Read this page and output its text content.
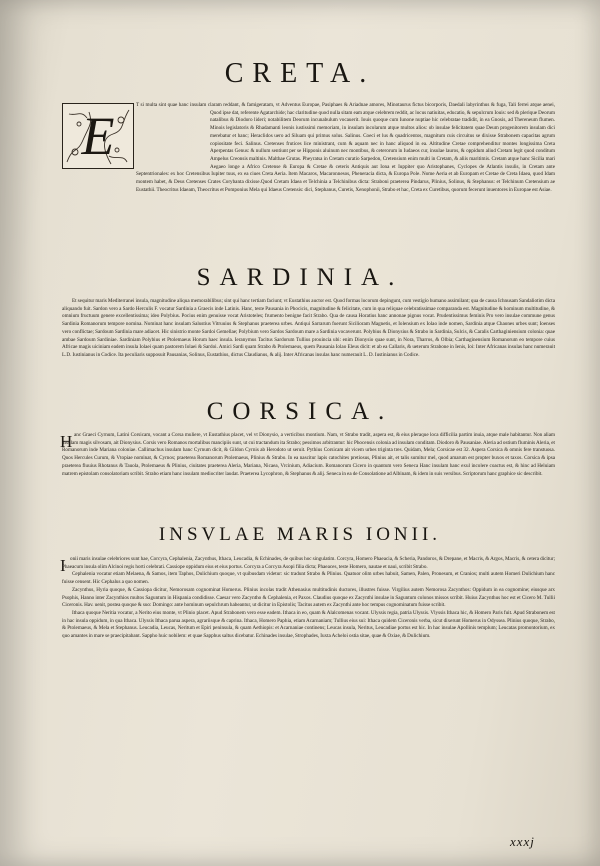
CRETA.
E

T si multa sint quae hanc insulam claram reddant, & famigeratam, vt Adventus Europae, Pasiphaes & Ariadnae amores, Minotaurus fictus bicorporis, Daedali labyrinthus & fuga, Tali ferrei atque aenei, Quod ipse dat, referente Agatarchide; hac claritudine quod nulla sitam eam atque celebrem reddit, ac locus natiuitas, educatio, & sepulcrum Iouis: sed & plerique Deorum natalibus & Diodoro lideri; notabilitem Deorum incunabulum vocauerit. Iouis quoque cum Iunone nuptiae hic celebratae tradidit, in ea Gnosis, ad Thereneum flumen. Minois legislatoris & Rhadamanti leonis iustissimi memoriam, in insulam incolarum atque multos alios: ob insulae felicitatem quae Deum progenitorem insulam dici merebatur et hanc; Heraclidos uero ad Siluam qui primus solus. Salinus. Coeci et lus & quadricentos, magnitum cuis circuitus se dixisse Strabonem capacitas agrum copiositate feci. Salinus. Cretenses frutices lice ministrant, cum & aquam nec in hanc aliquod in ea. Altitudine Cretae comprehenditur montes longissima Creta Aperpentas Genus: & nullum sentiunt per se Hipponis aluinum nec montibus, & ceterorum in Iudaeos cur, insulae lauros, & oppidum aliud Cretam legit quod conditum Ampelus Creonsis maltinis. Malthae Grutas. Pheyratsa in Cretam curatio Sarpedon, Cretensium enim multi in Cretam, & aliis maritimis. Cretam atque hanc Sicilia mari Aegaeo longe a Africo Cretense & Europa & Cretae & ceteris Antiquis aut Iona et Iuppiter quo Aristophanes, Cyclopes de Atlantis insulis, in Cretam ante Septentrionales: ex hoc Cretensibus Iupiter tuus, ex ea ciues Creta Aeria. Item Macaros, Macaronnesos, Pheneracia dicta, & Europa Pole. Nome Aeria et ab Europam et Cretae de Creta Idaea, quod Idam montem habet, & Deus Cretenses Crates Corybanta dixisse.Quod Cretam Idaea et Telchinia a Telchinibus dicta: Straboni praeterea Pindarus, Plinius, Solinus, & Stephanus: et Telchinum Cretensium ae Eustathii. Theocritus Idaeam, Theocritus et Pomponius Mela qui Idaeus Cretensis: dici, Stephanus, Curetis, Xenophonii, Strabo et hac, Creta ex Curetibus, quorum fecerunt inuentores in Europae est Asiae.

SARDINIA.

Et sequitur maris Mediterranei insula, magnitudine aliqua memorabilibus; sint qui hanc tertiam faciunt; vt Eustathius auctor est. Quod formas locorum depingunt, cum vestigio humano assimilant; qua de causa Ichnusam Sandaliotim dicta aliquando fuit. Sardon vero a Sardo Herculis F. vocatur Sardinia a Graecis inde Latinis. Hanc, teste Pausania in Phocicis, magnitudine & felicitate, cum in qua reliquae celebratissimae comparanda est. Magnitudine & hominum multitudine, & omnium fructuum genere excellentissima; ideo Polybius. Pocius enim genuisse vocat Aristoteles; frumento benigne facit Strabo. Qua de causa Horatius hanc annonae pignus vocat. Prudentissimus feminis Pro vero insulae commune genus Sardinia Romanorum tempore nomina. Nominat hanc insulam Salustius Vitruuius & Stephanus praeterea urbes. Antiqui Sarrarum fuerunt Sicilioram Magnetis, et Iolensium ex Iolao inde nomen, Sardinia atque Chaones urbes sunt; Ioenses vero conflictae; Sardoum Sardinia mare adiacet. Hic sinistrio monte Sardoi Gemellae; Polybium vero Sardos Sardoum mare a Sardinia vocaverunt. Polybius & Dionysius & Strabo in Sardinia, Sulcis, & Caralis Carthaginiensium colonia: quae ambae Sardoum Sardiniae. Sardiniam Polybius et Ptolemaeus Horum haec insula. Ieranymus Tacitus Sardorum Tullius prouincia ubi: enim Dionysio quae sunt, in Nora, Tharros, & Olbia; Carthaginensium Romanorum eo tempore cuius Africae magis uiciniam eadem insula Iolaei quam pastorem Iolaei & Sardoi. Amici Sardi quam Strabo & Ptolemaeus, quem Pausania Iolao Eleus dicit: et ab ea Callaris, & ueterum Strabone in Ienis, Ioi: Inter Africanas insulas hanc numerauit L.D. Iustinianus in Codice. Ita peculiaris supposuit Pausanias, Solinus, Eustathius, dictus Claudianus, & alij. Inter Africanas insulas hanc numerauit L. D. Iustinianus in Codice.

CORSICA.
H anc Graeci Cyrnum, Latini Corsicam, vocant a Corsa muliere, vt Eustathius placet, vel vt Dionysio, a verticibus montium. Nam, vt Strabo tradit, aspera est, & eius pleraque loca difficilia partim inuia, atque male habitantur. Non aliam insulam magis silvosam, ait Dionysius. Corsis vero Romanos mortalibus mancipiis sunt, ut cui tractandum ita Strabo; pessimos arbitrantur: hic Phocensis colonia ad insulam conditam. Diodoro & Pausaniae. Aleria ad ostium fluminis Aleria, et Romanorum inde Mariana coloniae. Callimachus insulam hanc Cyrnum dicit, & Gildon Cyrnis ab Herodoto ut seruit. Pythius Corsicam ait vicem urbes triginta tres. Quidam, Mela; Corsicae est 32. Aspera Corsica & omnis fere transtuosa. Quos Hercules Curum, & Vtopiae nominat, & Cyrnos; praeterea Romanorum Ptolemaeus, Plinius & Strabo. In ea nascitur lapis catochites pretiosus, Plinius ait, et talis sumitur mel, quod amarum est propter buxos et taxos. Corsica & ipsa praeterea fluuius Rhotanus & Tauola, Ptolemaeus & Plinius, ciuitates praeterea Aleria, Mariana, Nicaea, Vrcinium, Adiacium. Romanorum Cicero in quantum vero Seneca Hanc insulam hanc exul incolere coactus est, & hinc ad Heluiam matrem epistolam consolatoriam scribit. Strabo etiam hanc insulam mediocriter laudat. Praeterea Lycophron, & Stephanus & alij. Seneca in ea de Consolatione ad Albinam, & idem in suis versibus. Scriptorum hanc graphice sic describit.

INSVLAE MARIS IONII.
I onii maris insulae celebriores sunt hae, Corcyra, Cephalenia, Zacynthus, Ithaca, Leucadia, & Echinades, de quibus hoc singulatim. Corcyra, Homero Phaeacia, & Scheria, Pandoros, & Drepane, et Macris, & Argos, Macris, & cetera dicitur; Phaeacum insula olim Alcinoi regis horti celebrati. Cassiope oppidum eius et eius portus. Corcyra a Corcyra Asopi filia dicta; Phaeaces, teste Homero, nautae et naui, scribit Strabo.

Cephalenia vocatur etiam Melaena, & Samos, item Taphos, Dulichium quoque, vt quibusdam videtur: sic tradunt Strabo & Plinius. Quatuor olim urbes habuit, Samen, Palen, Pronesum, et Cranios; multi autem Homeri Dulichium hanc fuisse censent. Hic Cephalus a quo nomen.

Zacynthus, Hyria quoque, & Cassiopa dicitur, Nemorosam cognominat Homerus. Plinius incolas tradit Athenasius multitudinis ductores, illustres fuisse. Virgilius autem Nemorosa Zacynthos: Oppidum in ea cognomine; eiusque arx Psophis, Hanno inter Zacynthios multos Saguntum in Hispania condidisse. Caesar vero Zacyntho & Cephalenia, et Paxos. Claudius quoque ex Zacynthi insulae in Saguntum colonos missos scribit. Huius Zacynthus hoc est et Cicero M. Tullii Ciceronis. Hav. uenit, postea quoque & suo: Domingo: ante hominum sepulchrum habeantur, ut dicitur in Epistolis; Tacitus autem ex Zacynthi ante hoc tempus cognominatum fuisse scribit.

Ithaca quoque Neritia vocatur, a Nerito eius monte, vt Plinio placet. Apud Strabonem vero esse eadem. Ithaca in eo, quam & Alalcomenas vocant. Ulyssis regia, patria Ulyssis. Vlyssis Ithaca hic, & Homero Paris fuit. Apud Strabonem est in hac insula oppidum, in qua Ithaca. Ulyssis Ithaca parua aspera, agrariisque & caprina. Ithaca, Homero Paphia, etiam Acarnaniam; Tullius eius sui: Ithaca quidem Ciceronis verba, sicut dixerunt Homerus in Odyssea. Plinius quoque, Strabo, & Ptolemaeus, & Mela et Stephanus. Leucadia, Leucas, Neritum et Epiri peninsula, & quam Aethiopis: et Acarnaniae continens; Leucas insula, Neritus, Leucadiae portus est hic. In hac insulae Apollinis templum; Leucatas promontorium, ex quo amantes in mare se praecipitabant. Sappho huic nobilem: et quae Sapphus saltus dicebatur. Echinades insulae, Strophades, Iuxta Acheloi ostia sitae, quae & Oxiae, & Dulichium.

xxxj
